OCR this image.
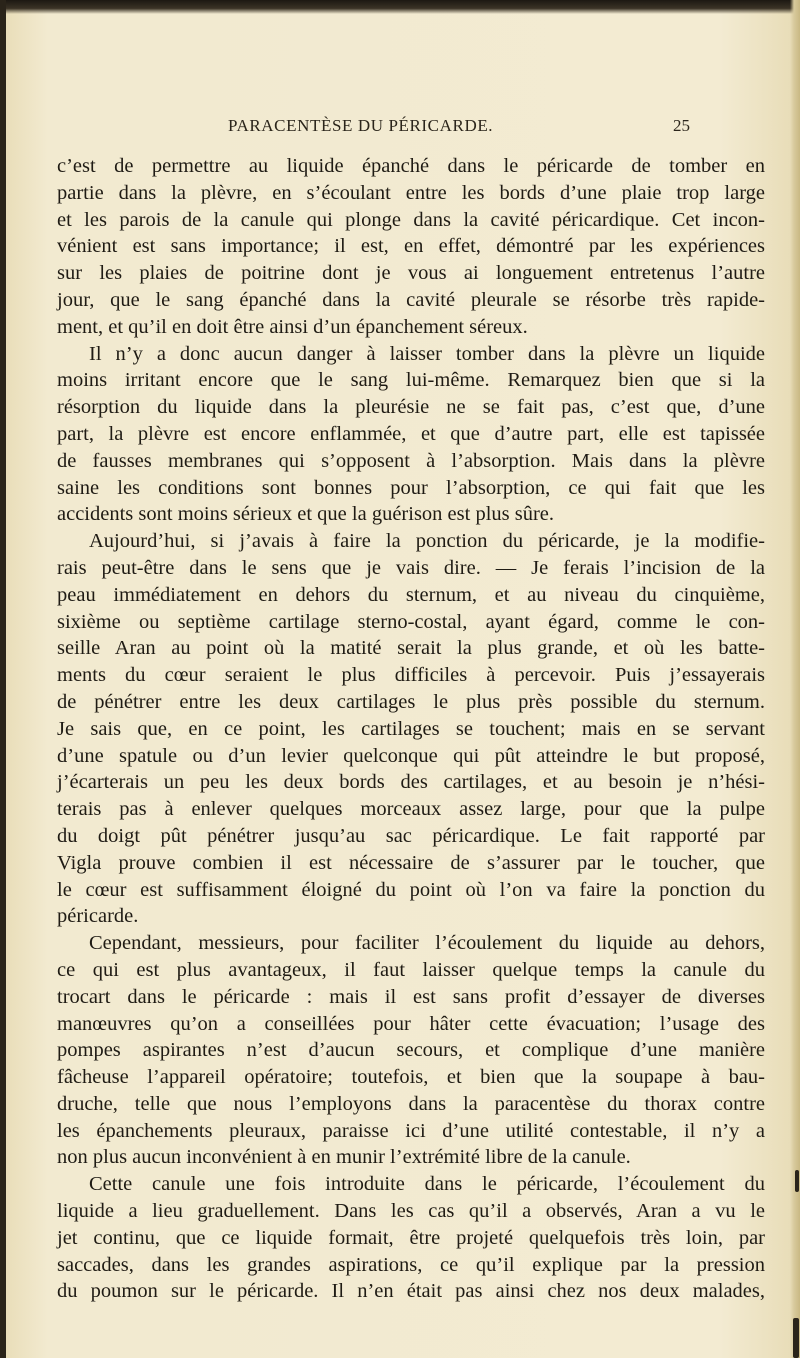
PARACENTÈSE DU PÉRICARDE.	25
c’est de permettre au liquide épanché dans le péricarde de tomber en
partie dans la plèvre, en s’écoulant entre les bords d’une plaie trop large
et les parois de la canule qui plonge dans la cavité péricardique. Cet incon-
vénient est sans importance; il est, en effet, démontré par les expériences
sur les plaies de poitrine dont je vous ai longuement entretenus l’autre
jour, que le sang épanché dans la cavité pleurale se résorbe très rapide-
ment, et qu’il en doit être ainsi d’un épanchement séreux.
Il n’y a donc aucun danger à laisser tomber dans la plèvre un liquide
moins irritant encore que le sang lui-même. Remarquez bien que si la
résorption du liquide dans la pleurésie ne se fait pas, c’est que, d’une
part, la plèvre est encore enflammée, et que d’autre part, elle est tapissée
de fausses membranes qui s’opposent à l’absorption. Mais dans la plèvre
saine les conditions sont bonnes pour l’absorption, ce qui fait que les
accidents sont moins sérieux et que la guérison est plus sûre.
Aujourd’hui, si j’avais à faire la ponction du péricarde, je la modifie-
rais peut-être dans le sens que je vais dire. — Je ferais l’incision de la
peau immédiatement en dehors du sternum, et au niveau du cinquième,
sixième ou septième cartilage sterno-costal, ayant égard, comme le con-
seille Aran au point où la matité serait la plus grande, et où les batte-
ments du cœur seraient le plus difficiles à percevoir. Puis j’essayerais
de pénétrer entre les deux cartilages le plus près possible du sternum.
Je sais que, en ce point, les cartilages se touchent; mais en se servant
d’une spatule ou d’un levier quelconque qui pût atteindre le but proposé,
j’écarterais un peu les deux bords des cartilages, et au besoin je n’hési-
terais pas à enlever quelques morceaux assez large, pour que la pulpe
du doigt pût pénétrer jusqu’au sac péricardique. Le fait rapporté par
Vigla prouve combien il est nécessaire de s’assurer par le toucher, que
le cœur est suffisamment éloigné du point où l’on va faire la ponction du
péricarde.
Cependant, messieurs, pour faciliter l’écoulement du liquide au dehors,
ce qui est plus avantageux, il faut laisser quelque temps la canule du
trocart dans le péricarde : mais il est sans profit d’essayer de diverses
manœuvres qu’on a conseillées pour hâter cette évacuation; l’usage des
pompes aspirantes n’est d’aucun secours, et complique d’une manière
fâcheuse l’appareil opératoire; toutefois, et bien que la soupape à bau-
druche, telle que nous l’employons dans la paracentèse du thorax contre
les épanchements pleuraux, paraisse ici d’une utilité contestable, il n’y a
non plus aucun inconvénient à en munir l’extrémité libre de la canule.
Cette canule une fois introduite dans le péricarde, l’écoulement du
liquide a lieu graduellement. Dans les cas qu’il a observés, Aran a vu le
jet continu, que ce liquide formait, être projeté quelquefois très loin, par
saccades, dans les grandes aspirations, ce qu’il explique par la pression
du poumon sur le péricarde. Il n’en était pas ainsi chez nos deux malades,
